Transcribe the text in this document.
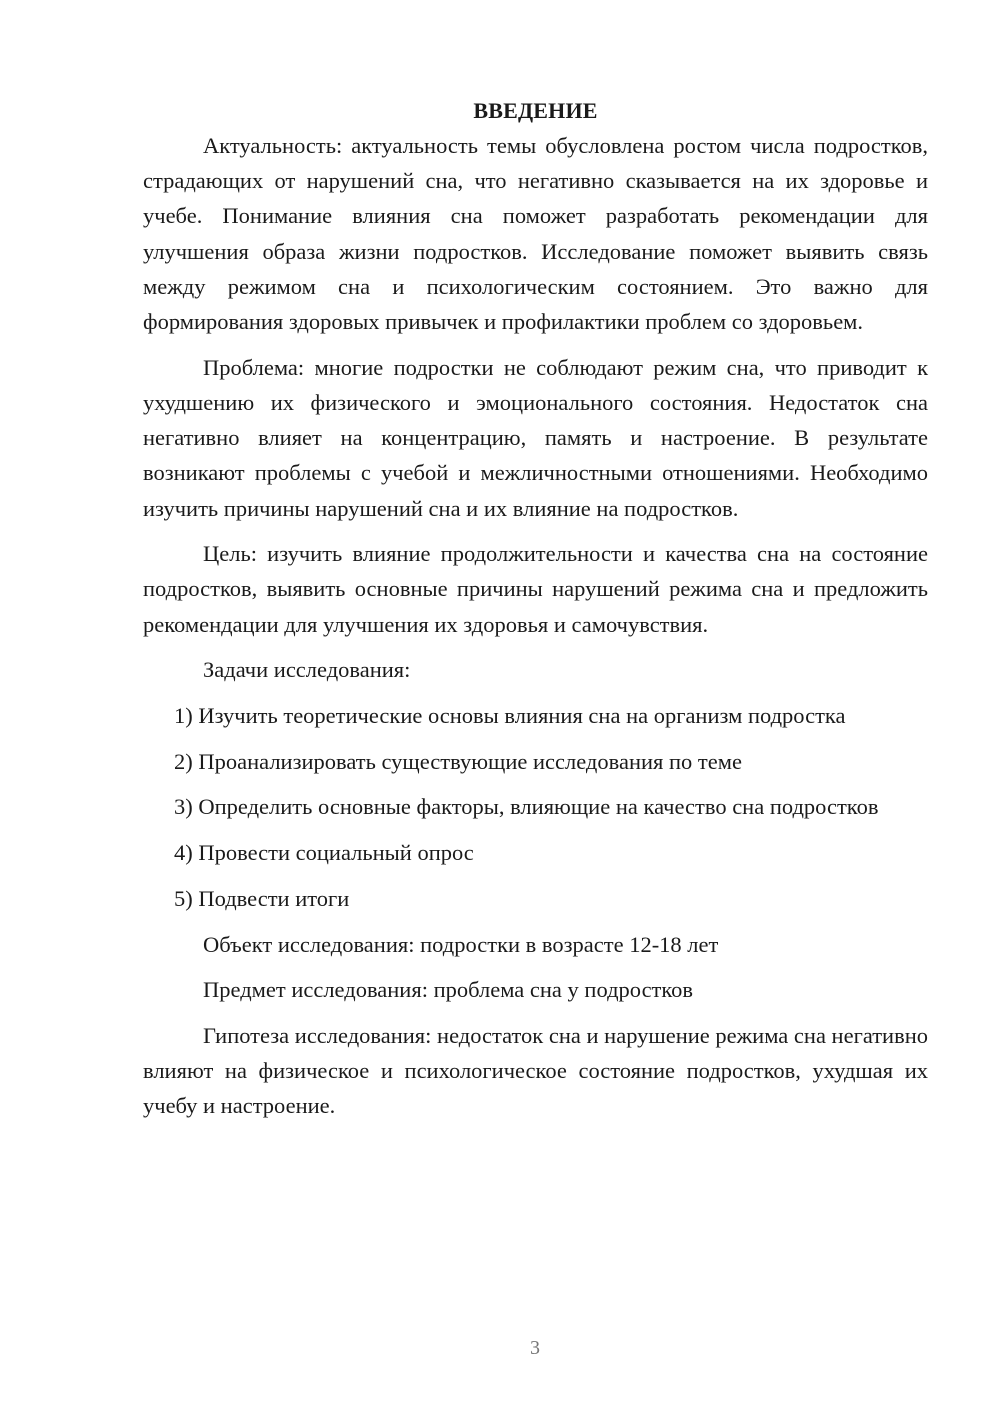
ВВЕДЕНИЕ

Актуальность: актуальность темы обусловлена ростом числа подростков, страдающих от нарушений сна, что негативно сказывается на их здоровье и учебе. Понимание влияния сна поможет разработать рекомендации для улучшения образа жизни подростков. Исследование поможет выявить связь между режимом сна и психологическим состоянием. Это важно для формирования здоровых привычек и профилактики проблем со здоровьем.

Проблема: многие подростки не соблюдают режим сна, что приводит к ухудшению их физического и эмоционального состояния. Недостаток сна негативно влияет на концентрацию, память и настроение. В результате возникают проблемы с учебой и межличностными отношениями. Необходимо изучить причины нарушений сна и их влияние на подростков.

Цель: изучить влияние продолжительности и качества сна на состояние подростков, выявить основные причины нарушений режима сна и предложить рекомендации для улучшения их здоровья и самочувствия.

Задачи исследования:

1) Изучить теоретические основы влияния сна на организм подростка

2) Проанализировать существующие исследования по теме

3) Определить основные факторы, влияющие на качество сна подростков

4) Провести социальный опрос

5) Подвести итоги

Объект исследования: подростки в возрасте 12-18 лет

Предмет исследования: проблема сна у подростков

Гипотеза исследования: недостаток сна и нарушение режима сна негативно влияют на физическое и психологическое состояние подростков, ухудшая их учебу и настроение.

3
